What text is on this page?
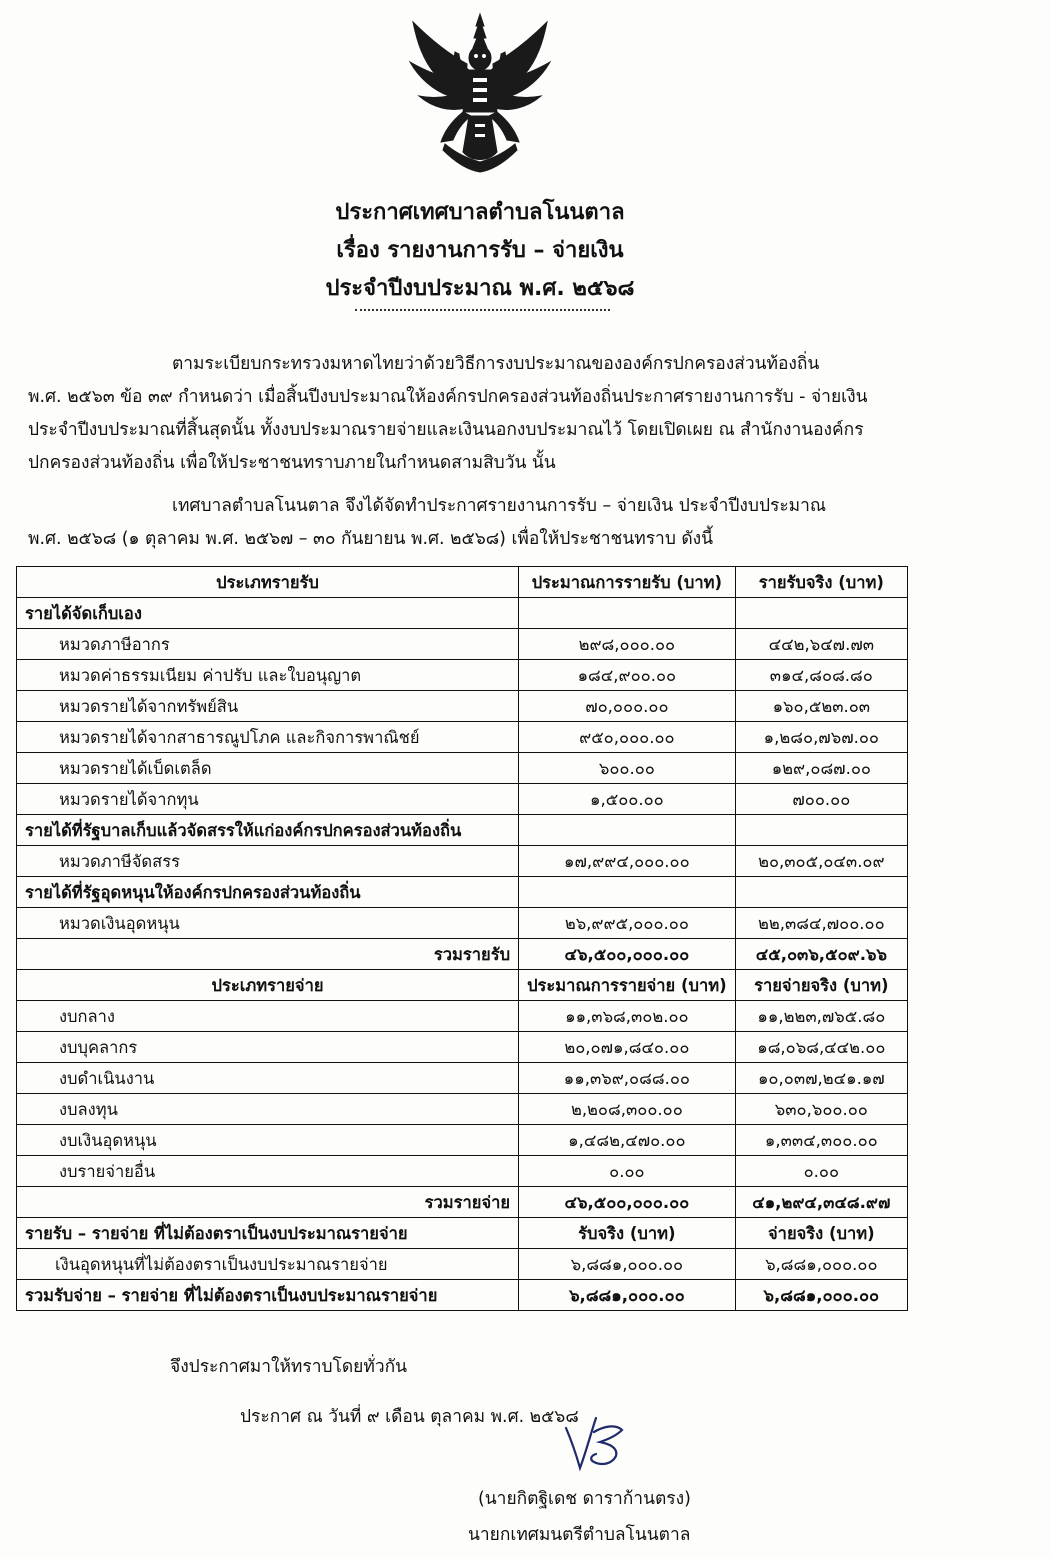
ประกาศเทศบาลตำบลโนนตาล
เรื่อง รายงานการรับ – จ่ายเงิน
ประจำปีงบประมาณ พ.ศ. ๒๕๖๘
ตามระเบียบกระทรวงมหาดไทยว่าด้วยวิธีการงบประมาณขององค์กรปกครองส่วนท้องถิ่น
พ.ศ. ๒๕๖๓ ข้อ ๓๙ กำหนดว่า เมื่อสิ้นปีงบประมาณให้องค์กรปกครองส่วนท้องถิ่นประกาศรายงานการรับ - จ่ายเงิน
ประจำปีงบประมาณที่สิ้นสุดนั้น ทั้งงบประมาณรายจ่ายและเงินนอกงบประมาณไว้ โดยเปิดเผย ณ สำนักงานองค์กร
ปกครองส่วนท้องถิ่น เพื่อให้ประชาชนทราบภายในกำหนดสามสิบวัน นั้น
เทศบาลตำบลโนนตาล จึงได้จัดทำประกาศรายงานการรับ – จ่ายเงิน ประจำปีงบประมาณ
พ.ศ. ๒๕๖๘ (๑ ตุลาคม พ.ศ. ๒๕๖๗ – ๓๐ กันยายน พ.ศ. ๒๕๖๘) เพื่อให้ประชาชนทราบ ดังนี้
ประเภทรายรับ	ประมาณการรายรับ (บาท)	รายรับจริง (บาท)
รายได้จัดเก็บเอง		
หมวดภาษีอากร	๒๙๘,๐๐๐.๐๐	๔๔๒,๖๔๗.๗๓
หมวดค่าธรรมเนียม ค่าปรับ และใบอนุญาต	๑๘๔,๙๐๐.๐๐	๓๑๔,๘๐๘.๘๐
หมวดรายได้จากทรัพย์สิน	๗๐,๐๐๐.๐๐	๑๖๐,๕๒๓.๐๓
หมวดรายได้จากสาธารณูปโภค และกิจการพาณิชย์	๙๕๐,๐๐๐.๐๐	๑,๒๘๐,๗๖๗.๐๐
หมวดรายได้เบ็ดเตล็ด	๖๐๐.๐๐	๑๒๙,๐๘๗.๐๐
หมวดรายได้จากทุน	๑,๕๐๐.๐๐	๗๐๐.๐๐
รายได้ที่รัฐบาลเก็บแล้วจัดสรรให้แก่องค์กรปกครองส่วนท้องถิ่น		
หมวดภาษีจัดสรร	๑๗,๙๙๔,๐๐๐.๐๐	๒๐,๓๐๕,๐๔๓.๐๙
รายได้ที่รัฐอุดหนุนให้องค์กรปกครองส่วนท้องถิ่น		
หมวดเงินอุดหนุน	๒๖,๙๙๕,๐๐๐.๐๐	๒๒,๓๘๔,๗๐๐.๐๐
รวมรายรับ	๔๖,๕๐๐,๐๐๐.๐๐	๔๕,๐๓๖,๕๐๙.๖๖
ประเภทรายจ่าย	ประมาณการรายจ่าย (บาท)	รายจ่ายจริง (บาท)
งบกลาง	๑๑,๓๖๘,๓๐๒.๐๐	๑๑,๒๒๓,๗๖๕.๘๐
งบบุคลากร	๒๐,๐๗๑,๘๔๐.๐๐	๑๘,๐๖๘,๔๔๒.๐๐
งบดำเนินงาน	๑๑,๓๖๙,๐๘๘.๐๐	๑๐,๐๓๗,๒๔๑.๑๗
งบลงทุน	๒,๒๐๘,๓๐๐.๐๐	๖๓๐,๖๐๐.๐๐
งบเงินอุดหนุน	๑,๔๘๒,๔๗๐.๐๐	๑,๓๓๔,๓๐๐.๐๐
งบรายจ่ายอื่น	๐.๐๐	๐.๐๐
รวมรายจ่าย	๔๖,๕๐๐,๐๐๐.๐๐	๔๑,๒๙๔,๓๔๘.๙๗
รายรับ – รายจ่าย ที่ไม่ต้องตราเป็นงบประมาณรายจ่าย	รับจริง (บาท)	จ่ายจริง (บาท)
เงินอุดหนุนที่ไม่ต้องตราเป็นงบประมาณรายจ่าย	๖,๘๘๑,๐๐๐.๐๐	๖,๘๘๑,๐๐๐.๐๐
รวมรับจ่าย – รายจ่าย ที่ไม่ต้องตราเป็นงบประมาณรายจ่าย	๖,๘๘๑,๐๐๐.๐๐	๖,๘๘๑,๐๐๐.๐๐
จึงประกาศมาให้ทราบโดยทั่วกัน
ประกาศ ณ วันที่ ๙ เดือน ตุลาคม พ.ศ. ๒๕๖๘
(นายกิตฐิเดช ดาราก้านตรง)
นายกเทศมนตรีตำบลโนนตาล
